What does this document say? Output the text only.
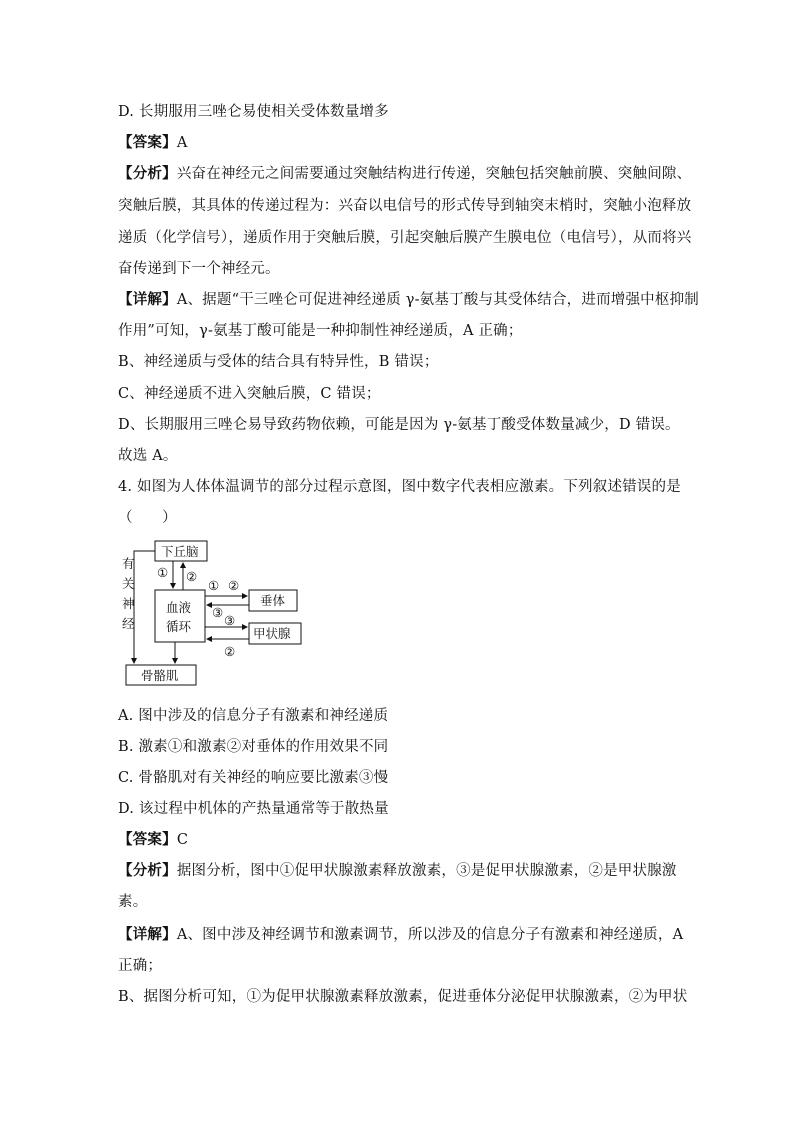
D. 长期服用三唑仑易使相关受体数量增多
【答案】A
【分析】兴奋在神经元之间需要通过突触结构进行传递，突触包括突触前膜、突触间隙、
突触后膜，其具体的传递过程为：兴奋以电信号的形式传导到轴突末梢时，突触小泡释放
递质（化学信号），递质作用于突触后膜，引起突触后膜产生膜电位（电信号），从而将兴
奋传递到下一个神经元。
【详解】A、据题“干三唑仑可促进神经递质 γ-氨基丁酸与其受体结合，进而增强中枢抑制
作用”可知，γ-氨基丁酸可能是一种抑制性神经递质，A 正确；
B、神经递质与受体的结合具有特异性，B 错误；
C、神经递质不进入突触后膜，C 错误；
D、长期服用三唑仑易导致药物依赖，可能是因为 γ-氨基丁酸受体数量减少，D 错误。
故选 A。
4. 如图为人体体温调节的部分过程示意图，图中数字代表相应激素。下列叙述错误的是
（　　）
有
关
神
经
下丘脑
血液
循环
垂体
甲状腺
骨骼肌
① ②
① ②
③
③
②
A. 图中涉及的信息分子有激素和神经递质
B. 激素①和激素②对垂体的作用效果不同
C. 骨骼肌对有关神经的响应要比激素③慢
D. 该过程中机体的产热量通常等于散热量
【答案】C
【分析】据图分析，图中①促甲状腺激素释放激素，③是促甲状腺激素，②是甲状腺激
素。
【详解】A、图中涉及神经调节和激素调节，所以涉及的信息分子有激素和神经递质，A
正确；
B、据图分析可知，①为促甲状腺激素释放激素，促进垂体分泌促甲状腺激素，②为甲状
